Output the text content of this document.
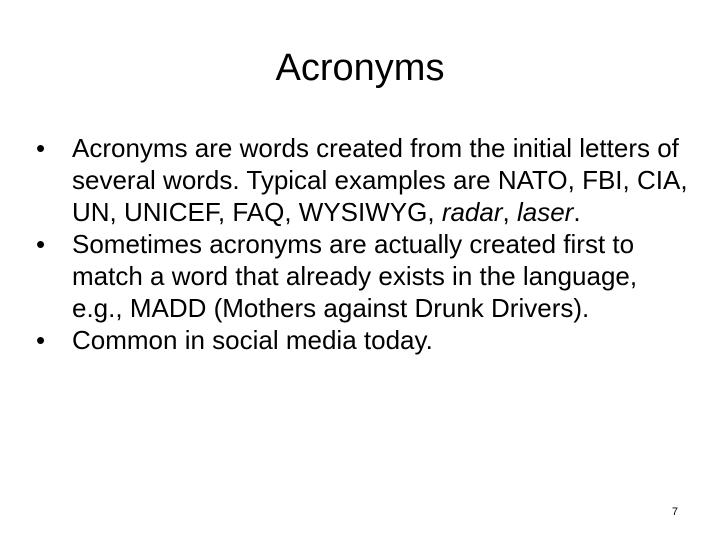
Acronyms
•	Acronyms are words created from the initial letters of several words. Typical examples are NATO, FBI, CIA, UN, UNICEF, FAQ, WYSIWYG, radar, laser.
•	Sometimes acronyms are actually created first to match a word that already exists in the language, e.g., MADD (Mothers against Drunk Drivers).
•	Common in social media today.
7
